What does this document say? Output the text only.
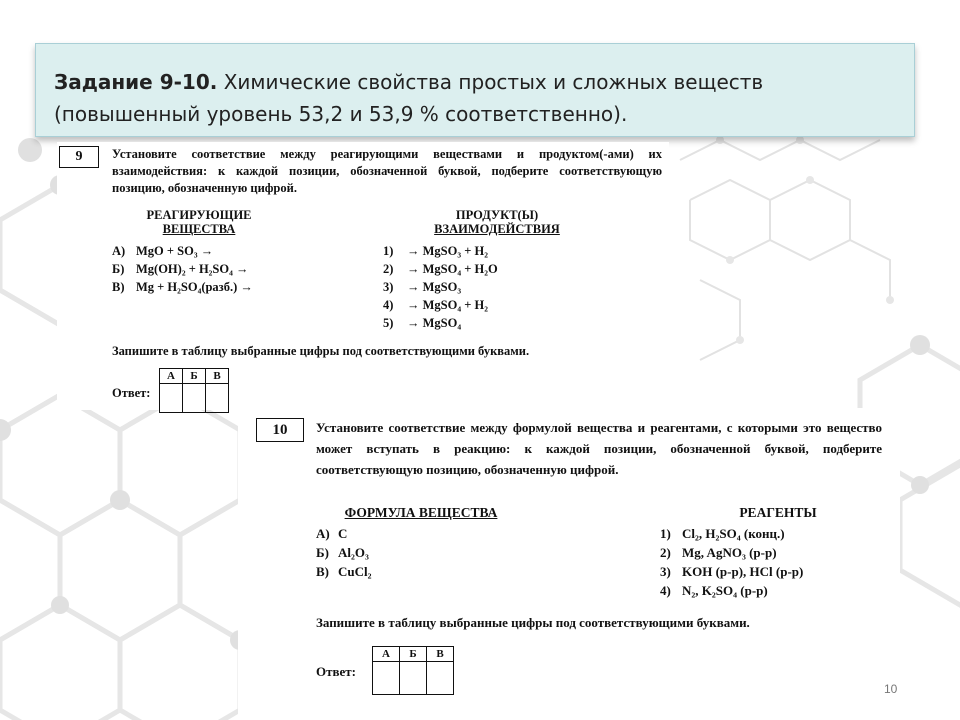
Задание 9-10. Химические свойства простых и сложных веществ
(повышенный уровень 53,2 и 53,9 % соответственно).
9	Установите соответствие между реагирующими веществами и продуктом(-ами) их взаимодействия: к каждой позиции, обозначенной буквой, подберите соответствующую позицию, обозначенную цифрой.
РЕАГИРУЮЩИЕ
ВЕЩЕСТВА
ПРОДУКТ(Ы)
ВЗАИМОДЕЙСТВИЯ
А) MgO + SO₃ →
Б) Mg(OH)₂ + H₂SO₄ →
В) Mg + H₂SO₄(разб.) →
1) → MgSO₃ + H₂
2) → MgSO₄ + H₂O
3) → MgSO₃
4) → MgSO₄ + H₂
5) → MgSO₄
Запишите в таблицу выбранные цифры под соответствующими буквами.
Ответ:
А	Б	В

10	Установите соответствие между формулой вещества и реагентами, с которыми это вещество может вступать в реакцию: к каждой позиции, обозначенной буквой, подберите соответствующую позицию, обозначенную цифрой.
ФОРМУЛА ВЕЩЕСТВА	РЕАГЕНТЫ
А) C
Б) Al₂O₃
В) CuCl₂
1) Cl₂, H₂SO₄ (конц.)
2) Mg, AgNO₃ (р-р)
3) KOH (р-р), HCl (р-р)
4) N₂, K₂SO₄ (р-р)
Запишите в таблицу выбранные цифры под соответствующими буквами.
Ответ:
А	Б	В

10
